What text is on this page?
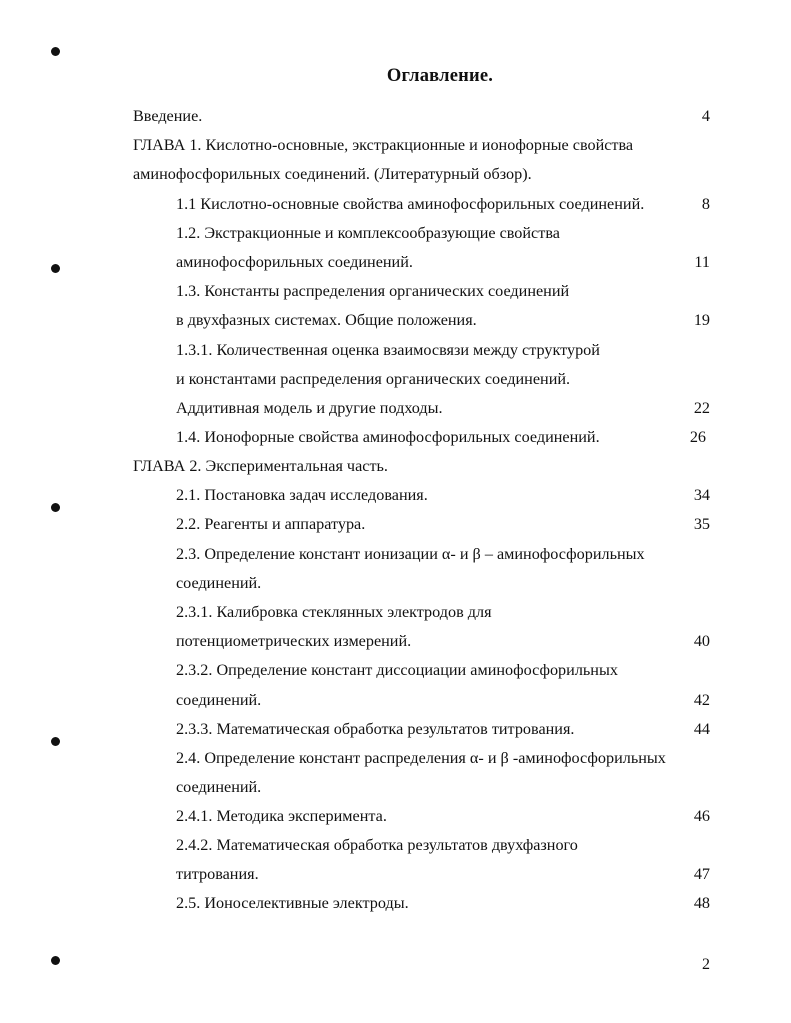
Оглавление.
Введение.	4
ГЛАВА 1. Кислотно-основные, экстракционные и ионофорные свойства
аминофосфорильных соединений. (Литературный обзор).
1.1 Кислотно-основные свойства аминофосфорильных соединений.	8
1.2. Экстракционные и комплексообразующие свойства
аминофосфорильных соединений.	11
1.3. Константы распределения органических соединений
в двухфазных системах. Общие положения.	19
1.3.1. Количественная оценка взаимосвязи между структурой
и константами распределения органических соединений.
Аддитивная модель и другие подходы.	22
1.4. Ионофорные свойства аминофосфорильных соединений.	26
ГЛАВА 2. Экспериментальная часть.
2.1. Постановка задач исследования.	34
2.2. Реагенты и аппаратура.	35
2.3. Определение констант ионизации α- и β – аминофосфорильных
соединений.
2.3.1. Калибровка стеклянных электродов для
потенциометрических измерений.	40
2.3.2. Определение констант диссоциации аминофосфорильных
соединений.	42
2.3.3. Математическая обработка результатов титрования.	44
2.4. Определение констант распределения α- и β -аминофосфорильных
соединений.
2.4.1. Методика эксперимента.	46
2.4.2. Математическая обработка результатов двухфазного
титрования.	47
2.5. Ионоселективные электроды.	48
2
